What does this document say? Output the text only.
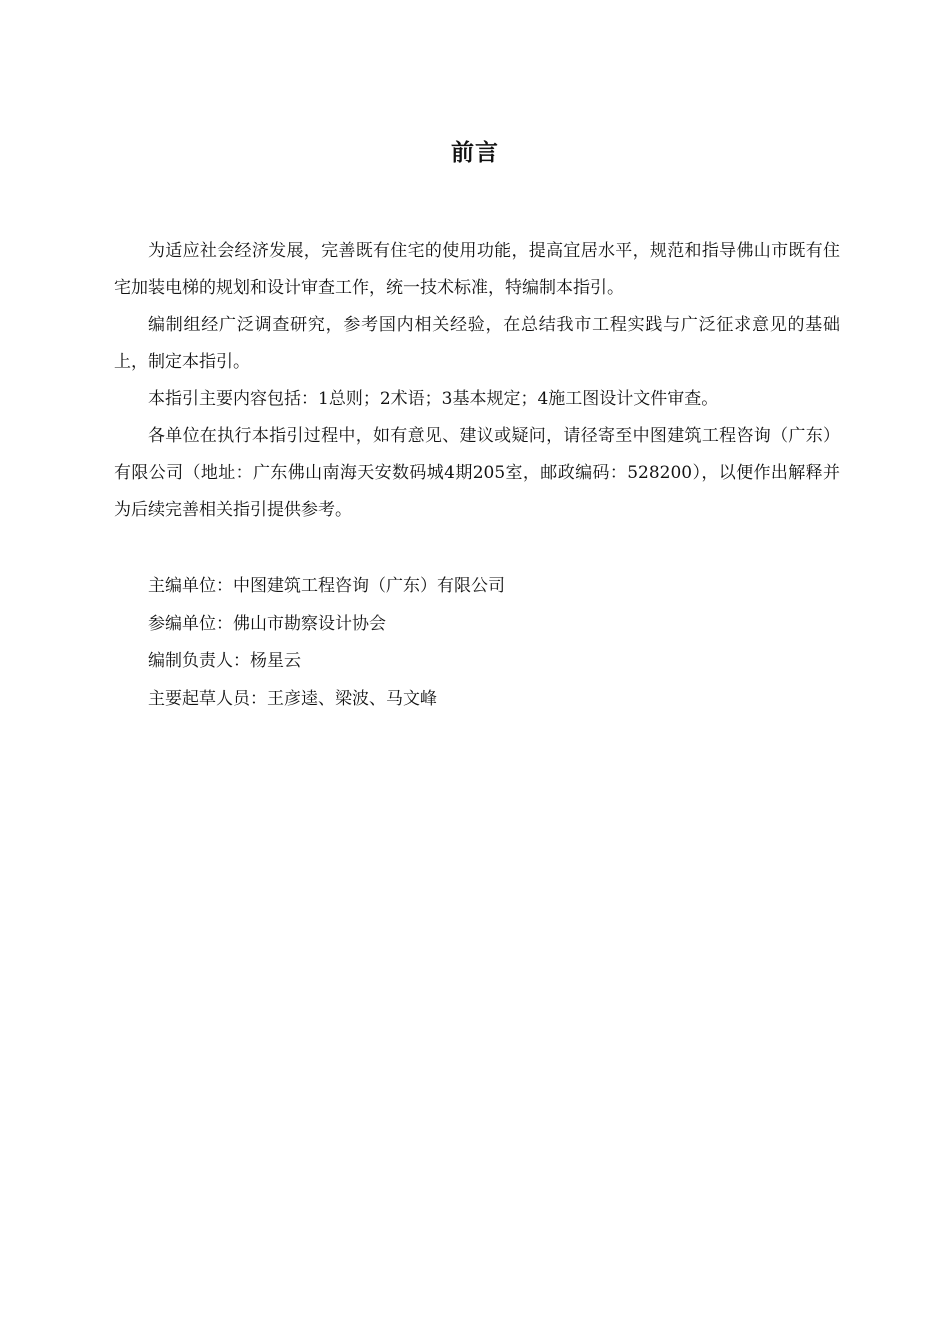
前言

为适应社会经济发展，完善既有住宅的使用功能，提高宜居水平，规范和指导佛山市既有住宅加装电梯的规划和设计审查工作，统一技术标准，特编制本指引。

编制组经广泛调查研究，参考国内相关经验，在总结我市工程实践与广泛征求意见的基础上，制定本指引。

本指引主要内容包括：1总则；2术语；3基本规定；4施工图设计文件审查。

各单位在执行本指引过程中，如有意见、建议或疑问，请径寄至中图建筑工程咨询（广东）有限公司（地址：广东佛山南海天安数码城4期205室，邮政编码：528200），以便作出解释并为后续完善相关指引提供参考。

主编单位：中图建筑工程咨询（广东）有限公司

参编单位：佛山市勘察设计协会

编制负责人：杨星云

主要起草人员：王彦逵、梁波、马文峰
